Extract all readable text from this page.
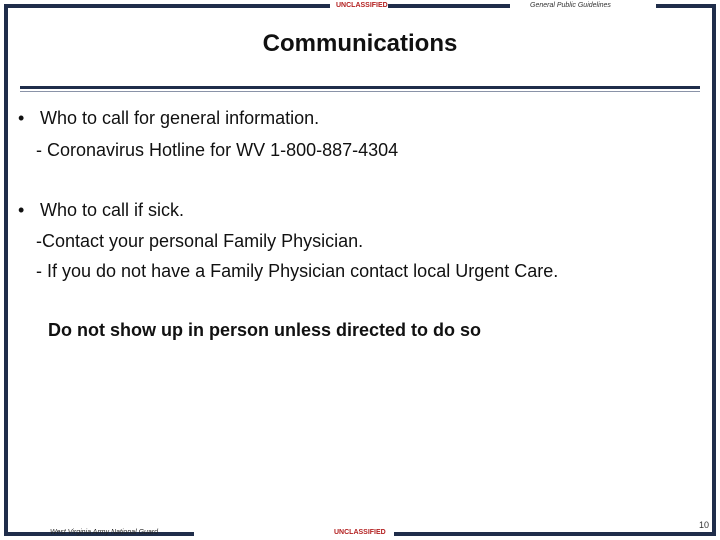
UNCLASSIFIED	General Public Guidelines
Communications
• Who to call for general information.
- Coronavirus Hotline for WV 1-800-887-4304
• Who to call if sick.
-Contact your personal Family Physician.
- If you do not have a Family Physician contact local Urgent Care.
Do not show up in person unless directed to do so
West Virginia Army National Guard	UNCLASSIFIED
10
